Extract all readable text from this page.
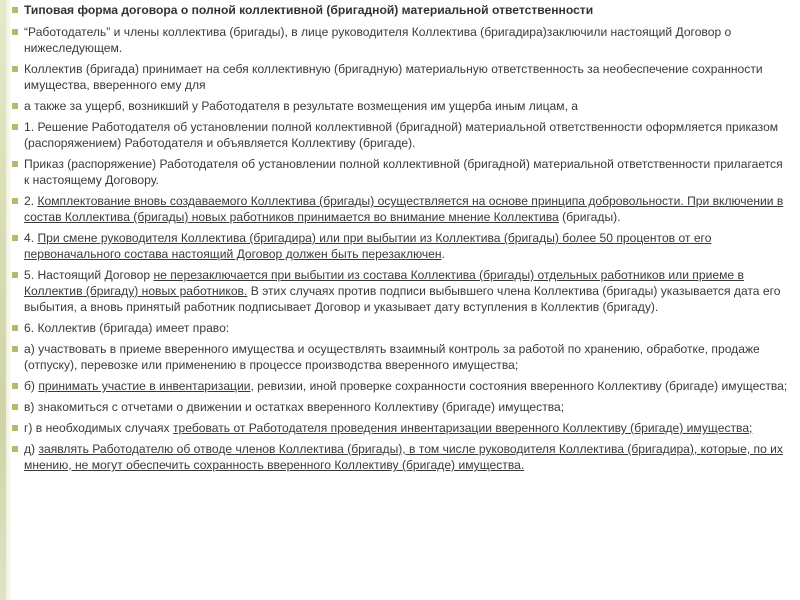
Типовая форма договора о полной коллективной (бригадной) материальной ответственности
“Работодатель” и члены коллектива (бригады), в лице руководителя Коллектива (бригадира)заключили настоящий Договор о нижеследующем.
Коллектив (бригада) принимает на себя коллективную (бригадную) материальную ответственность за необеспечение сохранности имущества, вверенного ему для
а также за ущерб, возникший у Работодателя в результате возмещения им ущерба иным лицам, а
1. Решение Работодателя об установлении полной коллективной (бригадной) материальной ответственности оформляется приказом (распоряжением) Работодателя и объявляется Коллективу (бригаде).
Приказ (распоряжение) Работодателя об установлении полной коллективной (бригадной) материальной ответственности прилагается к настоящему Договору.
2. Комплектование вновь создаваемого Коллектива (бригады) осуществляется на основе принципа добровольности. При включении в состав Коллектива (бригады) новых работников принимается во внимание мнение Коллектива (бригады).
4. При смене руководителя Коллектива (бригадира) или при выбытии из Коллектива (бригады) более 50 процентов от его первоначального состава настоящий Договор должен быть перезаключен.
5. Настоящий Договор не перезаключается при выбытии из состава Коллектива (бригады) отдельных работников или приеме в Коллектив (бригаду) новых работников. В этих случаях против подписи выбывшего члена Коллектива (бригады) указывается дата его выбытия, а вновь принятый работник подписывает Договор и указывает дату вступления в Коллектив (бригаду).
6. Коллектив (бригада) имеет право:
а) участвовать в приеме вверенного имущества и осуществлять взаимный контроль за работой по хранению, обработке, продаже (отпуску), перевозке или применению в процессе производства вверенного имущества;
б) принимать участие в инвентаризации, ревизии, иной проверке сохранности состояния вверенного Коллективу (бригаде) имущества;
в) знакомиться с отчетами о движении и остатках вверенного Коллективу (бригаде) имущества;
г) в необходимых случаях требовать от Работодателя проведения инвентаризации вверенного Коллективу (бригаде) имущества;
д) заявлять Работодателю об отводе членов Коллектива (бригады), в том числе руководителя Коллектива (бригадира), которые, по их мнению, не могут обеспечить сохранность вверенного Коллективу (бригаде) имущества.
